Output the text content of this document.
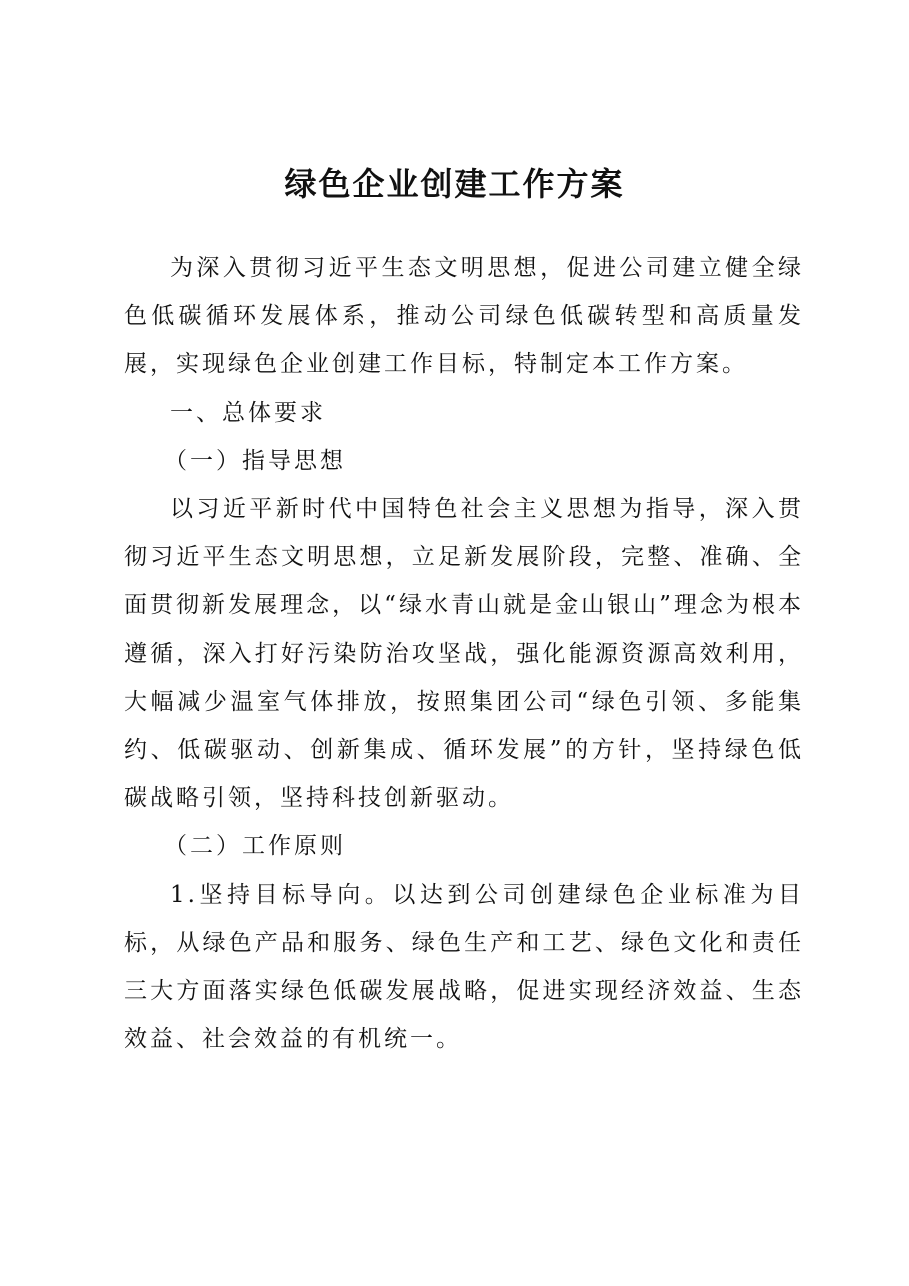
绿色企业创建工作方案

为深入贯彻习近平生态文明思想，促进公司建立健全绿色低碳循环发展体系，推动公司绿色低碳转型和高质量发展，实现绿色企业创建工作目标，特制定本工作方案。

一、总体要求

（一）指导思想

以习近平新时代中国特色社会主义思想为指导，深入贯彻习近平生态文明思想，立足新发展阶段，完整、准确、全面贯彻新发展理念，以“绿水青山就是金山银山”理念为根本遵循，深入打好污染防治攻坚战，强化能源资源高效利用，大幅减少温室气体排放，按照集团公司“绿色引领、多能集约、低碳驱动、创新集成、循环发展”的方针，坚持绿色低碳战略引领，坚持科技创新驱动。

（二）工作原则

1.坚持目标导向。以达到公司创建绿色企业标准为目标，从绿色产品和服务、绿色生产和工艺、绿色文化和责任三大方面落实绿色低碳发展战略，促进实现经济效益、生态效益、社会效益的有机统一。
